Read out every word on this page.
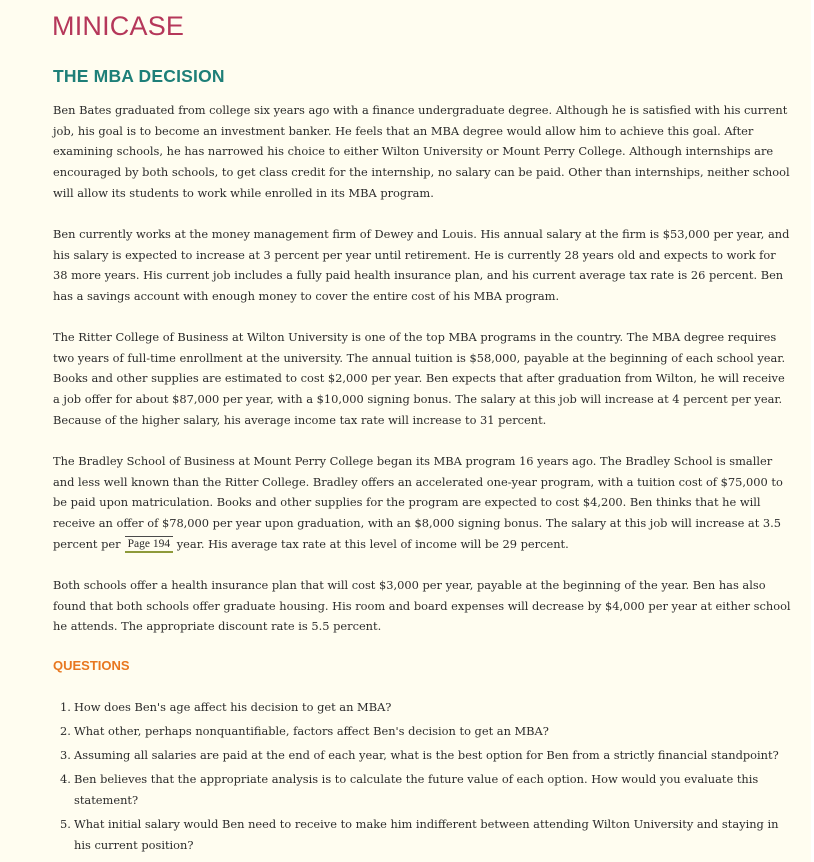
MINICASE
THE MBA DECISION

Ben Bates graduated from college six years ago with a finance undergraduate degree. Although he is satisfied with his current job, his goal is to become an investment banker. He feels that an MBA degree would allow him to achieve this goal. After examining schools, he has narrowed his choice to either Wilton University or Mount Perry College. Although internships are encouraged by both schools, to get class credit for the internship, no salary can be paid. Other than internships, neither school will allow its students to work while enrolled in its MBA program.

Ben currently works at the money management firm of Dewey and Louis. His annual salary at the firm is $53,000 per year, and his salary is expected to increase at 3 percent per year until retirement. He is currently 28 years old and expects to work for 38 more years. His current job includes a fully paid health insurance plan, and his current average tax rate is 26 percent. Ben has a savings account with enough money to cover the entire cost of his MBA program.

The Ritter College of Business at Wilton University is one of the top MBA programs in the country. The MBA degree requires two years of full-time enrollment at the university. The annual tuition is $58,000, payable at the beginning of each school year. Books and other supplies are estimated to cost $2,000 per year. Ben expects that after graduation from Wilton, he will receive a job offer for about $87,000 per year, with a $10,000 signing bonus. The salary at this job will increase at 4 percent per year. Because of the higher salary, his average income tax rate will increase to 31 percent.

The Bradley School of Business at Mount Perry College began its MBA program 16 years ago. The Bradley School is smaller and less well known than the Ritter College. Bradley offers an accelerated one-year program, with a tuition cost of $75,000 to be paid upon matriculation. Books and other supplies for the program are expected to cost $4,200. Ben thinks that he will receive an offer of $78,000 per year upon graduation, with an $8,000 signing bonus. The salary at this job will increase at 3.5 percent per Page 194 year. His average tax rate at this level of income will be 29 percent.

Both schools offer a health insurance plan that will cost $3,000 per year, payable at the beginning of the year. Ben has also found that both schools offer graduate housing. His room and board expenses will decrease by $4,000 per year at either school he attends. The appropriate discount rate is 5.5 percent.

QUESTIONS
1. How does Ben's age affect his decision to get an MBA?
2. What other, perhaps nonquantifiable, factors affect Ben's decision to get an MBA?
3. Assuming all salaries are paid at the end of each year, what is the best option for Ben from a strictly financial standpoint?
4. Ben believes that the appropriate analysis is to calculate the future value of each option. How would you evaluate this statement?
5. What initial salary would Ben need to receive to make him indifferent between attending Wilton University and staying in his current position?
